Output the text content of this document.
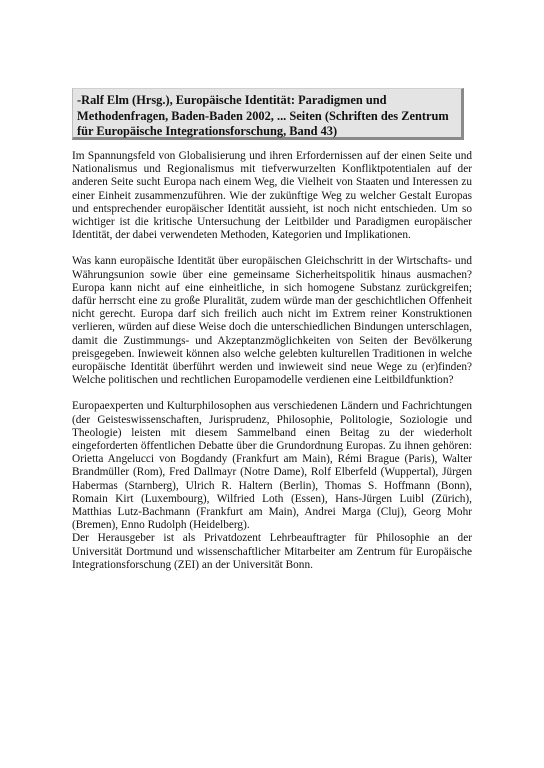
-Ralf Elm (Hrsg.), Europäische Identität: Paradigmen und Methodenfragen, Baden-Baden 2002, ... Seiten (Schriften des Zentrum für Europäische Integrationsforschung, Band 43)

Im Spannungsfeld von Globalisierung und ihren Erfordernissen auf der einen Seite und Nationalismus und Regionalismus mit tiefverwurzelten Konfliktpotentialen auf der anderen Seite sucht Europa nach einem Weg, die Vielheit von Staaten und Interessen zu einer Einheit zusammenzuführen. Wie der zukünftige Weg zu welcher Gestalt Europas und entsprechender europäischer Identität aussieht, ist noch nicht entschieden. Um so wichtiger ist die kritische Untersuchung der Leitbilder und Paradigmen europäischer Identität, der dabei verwendeten Methoden, Kategorien und Implikationen.

Was kann europäische Identität über europäischen Gleichschritt in der Wirtschafts- und Währungsunion sowie über eine gemeinsame Sicherheitspolitik hinaus ausmachen? Europa kann nicht auf eine einheitliche, in sich homogene Substanz zurückgreifen; dafür herrscht eine zu große Pluralität, zudem würde man der geschichtlichen Offenheit nicht gerecht. Europa darf sich freilich auch nicht im Extrem reiner Konstruktionen verlieren, würden auf diese Weise doch die unterschiedlichen Bindungen unterschlagen, damit die Zustimmungs- und Akzeptanzmöglichkeiten von Seiten der Bevölkerung preisgegeben. Inwieweit können also welche gelebten kulturellen Traditionen in welche europäische Identität überführt werden und inwieweit sind neue Wege zu (er)finden? Welche politischen und rechtlichen Europamodelle verdienen eine Leitbildfunktion?

Europaexperten und Kulturphilosophen aus verschiedenen Ländern und Fachrichtungen (der Geisteswissenschaften, Jurisprudenz, Philosophie, Politologie, Soziologie und Theologie) leisten mit diesem Sammelband einen Beitag zu der wiederholt eingeforderten öffentlichen Debatte über die Grundordnung Europas. Zu ihnen gehören: Orietta Angelucci von Bogdandy (Frankfurt am Main), Rémi Brague (Paris), Walter Brandmüller (Rom), Fred Dallmayr (Notre Dame), Rolf Elberfeld (Wuppertal), Jürgen Habermas (Starnberg), Ulrich R. Haltern (Berlin), Thomas S. Hoffmann (Bonn), Romain Kirt (Luxembourg), Wilfried Loth (Essen), Hans-Jürgen Luibl (Zürich), Matthias Lutz-Bachmann (Frankfurt am Main), Andrei Marga (Cluj), Georg Mohr (Bremen), Enno Rudolph (Heidelberg).

Der Herausgeber ist als Privatdozent Lehrbeauftragter für Philosophie an der Universität Dortmund und wissenschaftlicher Mitarbeiter am Zentrum für Europäische Integrationsforschung (ZEI) an der Universität Bonn.
